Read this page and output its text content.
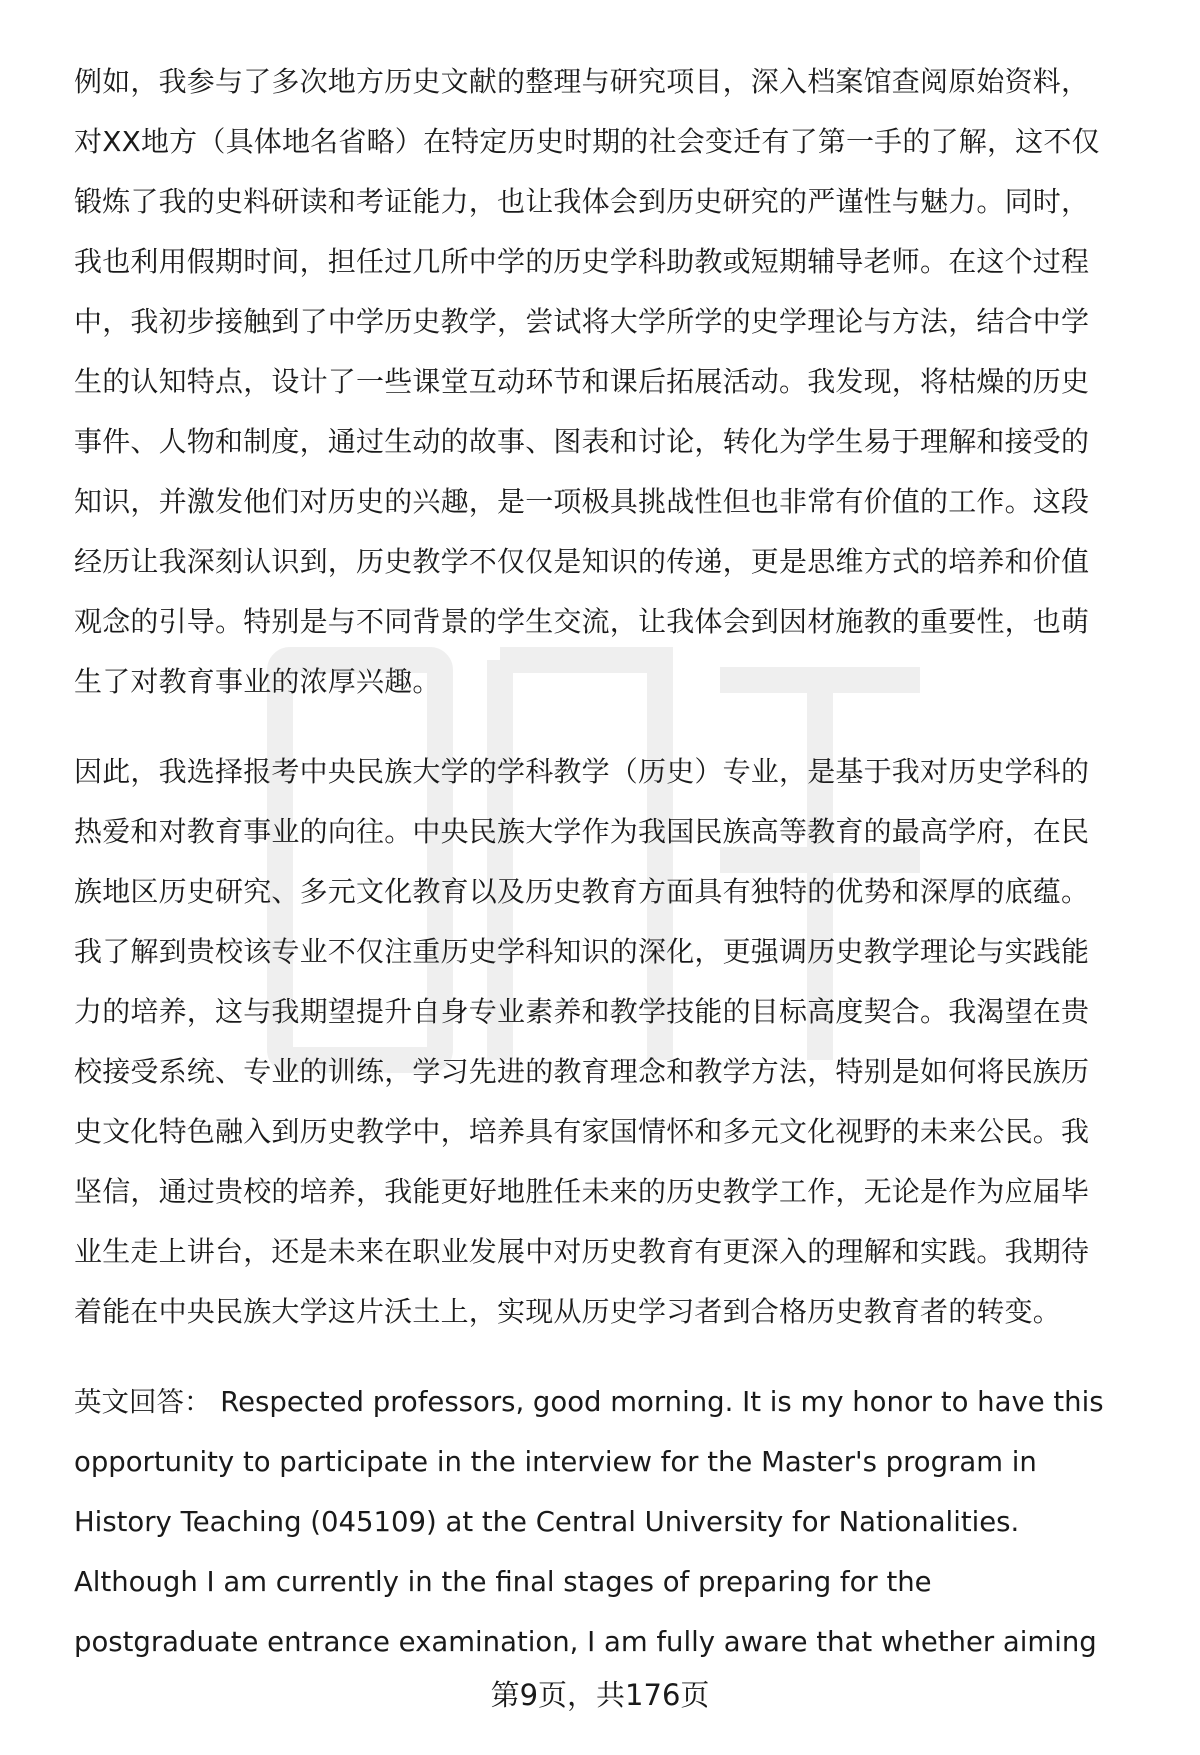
例如，我参与了多次地方历史文献的整理与研究项目，深入档案馆查阅原始资料，
对XX地方（具体地名省略）在特定历史时期的社会变迁有了第一手的了解，这不仅
锻炼了我的史料研读和考证能力，也让我体会到历史研究的严谨性与魅力。同时，
我也利用假期时间，担任过几所中学的历史学科助教或短期辅导老师。在这个过程
中，我初步接触到了中学历史教学，尝试将大学所学的史学理论与方法，结合中学
生的认知特点，设计了一些课堂互动环节和课后拓展活动。我发现，将枯燥的历史
事件、人物和制度，通过生动的故事、图表和讨论，转化为学生易于理解和接受的
知识，并激发他们对历史的兴趣，是一项极具挑战性但也非常有价值的工作。这段
经历让我深刻认识到，历史教学不仅仅是知识的传递，更是思维方式的培养和价值
观念的引导。特别是与不同背景的学生交流，让我体会到因材施教的重要性，也萌
生了对教育事业的浓厚兴趣。
因此，我选择报考中央民族大学的学科教学（历史）专业，是基于我对历史学科的
热爱和对教育事业的向往。中央民族大学作为我国民族高等教育的最高学府，在民
族地区历史研究、多元文化教育以及历史教育方面具有独特的优势和深厚的底蕴。
我了解到贵校该专业不仅注重历史学科知识的深化，更强调历史教学理论与实践能
力的培养，这与我期望提升自身专业素养和教学技能的目标高度契合。我渴望在贵
校接受系统、专业的训练，学习先进的教育理念和教学方法，特别是如何将民族历
史文化特色融入到历史教学中，培养具有家国情怀和多元文化视野的未来公民。我
坚信，通过贵校的培养，我能更好地胜任未来的历史教学工作，无论是作为应届毕
业生走上讲台，还是未来在职业发展中对历史教育有更深入的理解和实践。我期待
着能在中央民族大学这片沃土上，实现从历史学习者到合格历史教育者的转变。
英文回答： Respected professors, good morning. It is my honor to have this
opportunity to participate in the interview for the Master's program in
History Teaching (045109) at the Central University for Nationalities.
Although I am currently in the final stages of preparing for the
postgraduate entrance examination, I am fully aware that whether aiming
第9页，共176页
